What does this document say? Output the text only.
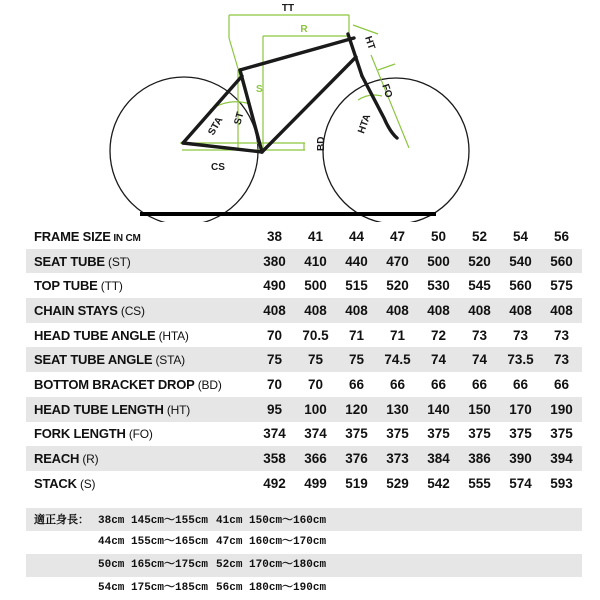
TT
R
HT
S
ST
STA
FO
HTA
BD
CS
FRAME SIZE IN CM	38	41	44	47	50	52	54	56
SEAT TUBE (ST)	380	410	440	470	500	520	540	560
TOP TUBE (TT)	490	500	515	520	530	545	560	575
CHAIN STAYS (CS)	408	408	408	408	408	408	408	408
HEAD TUBE ANGLE (HTA)	70	70.5	71	71	72	73	73	73
SEAT TUBE ANGLE (STA)	75	75	75	74.5	74	74	73.5	73
BOTTOM BRACKET DROP (BD)	70	70	66	66	66	66	66	66
HEAD TUBE LENGTH (HT)	95	100	120	130	140	150	170	190
FORK LENGTH (FO)	374	374	375	375	375	375	375	375
REACH (R)	358	366	376	373	384	386	390	394
STACK (S)	492	499	519	529	542	555	574	593
適正身長： 38cm 145cm～155cm 41cm 150cm～160cm
44cm 155cm～165cm 47cm 160cm～170cm
50cm 165cm～175cm 52cm 170cm～180cm
54cm 175cm～185cm 56cm 180cm～190cm
